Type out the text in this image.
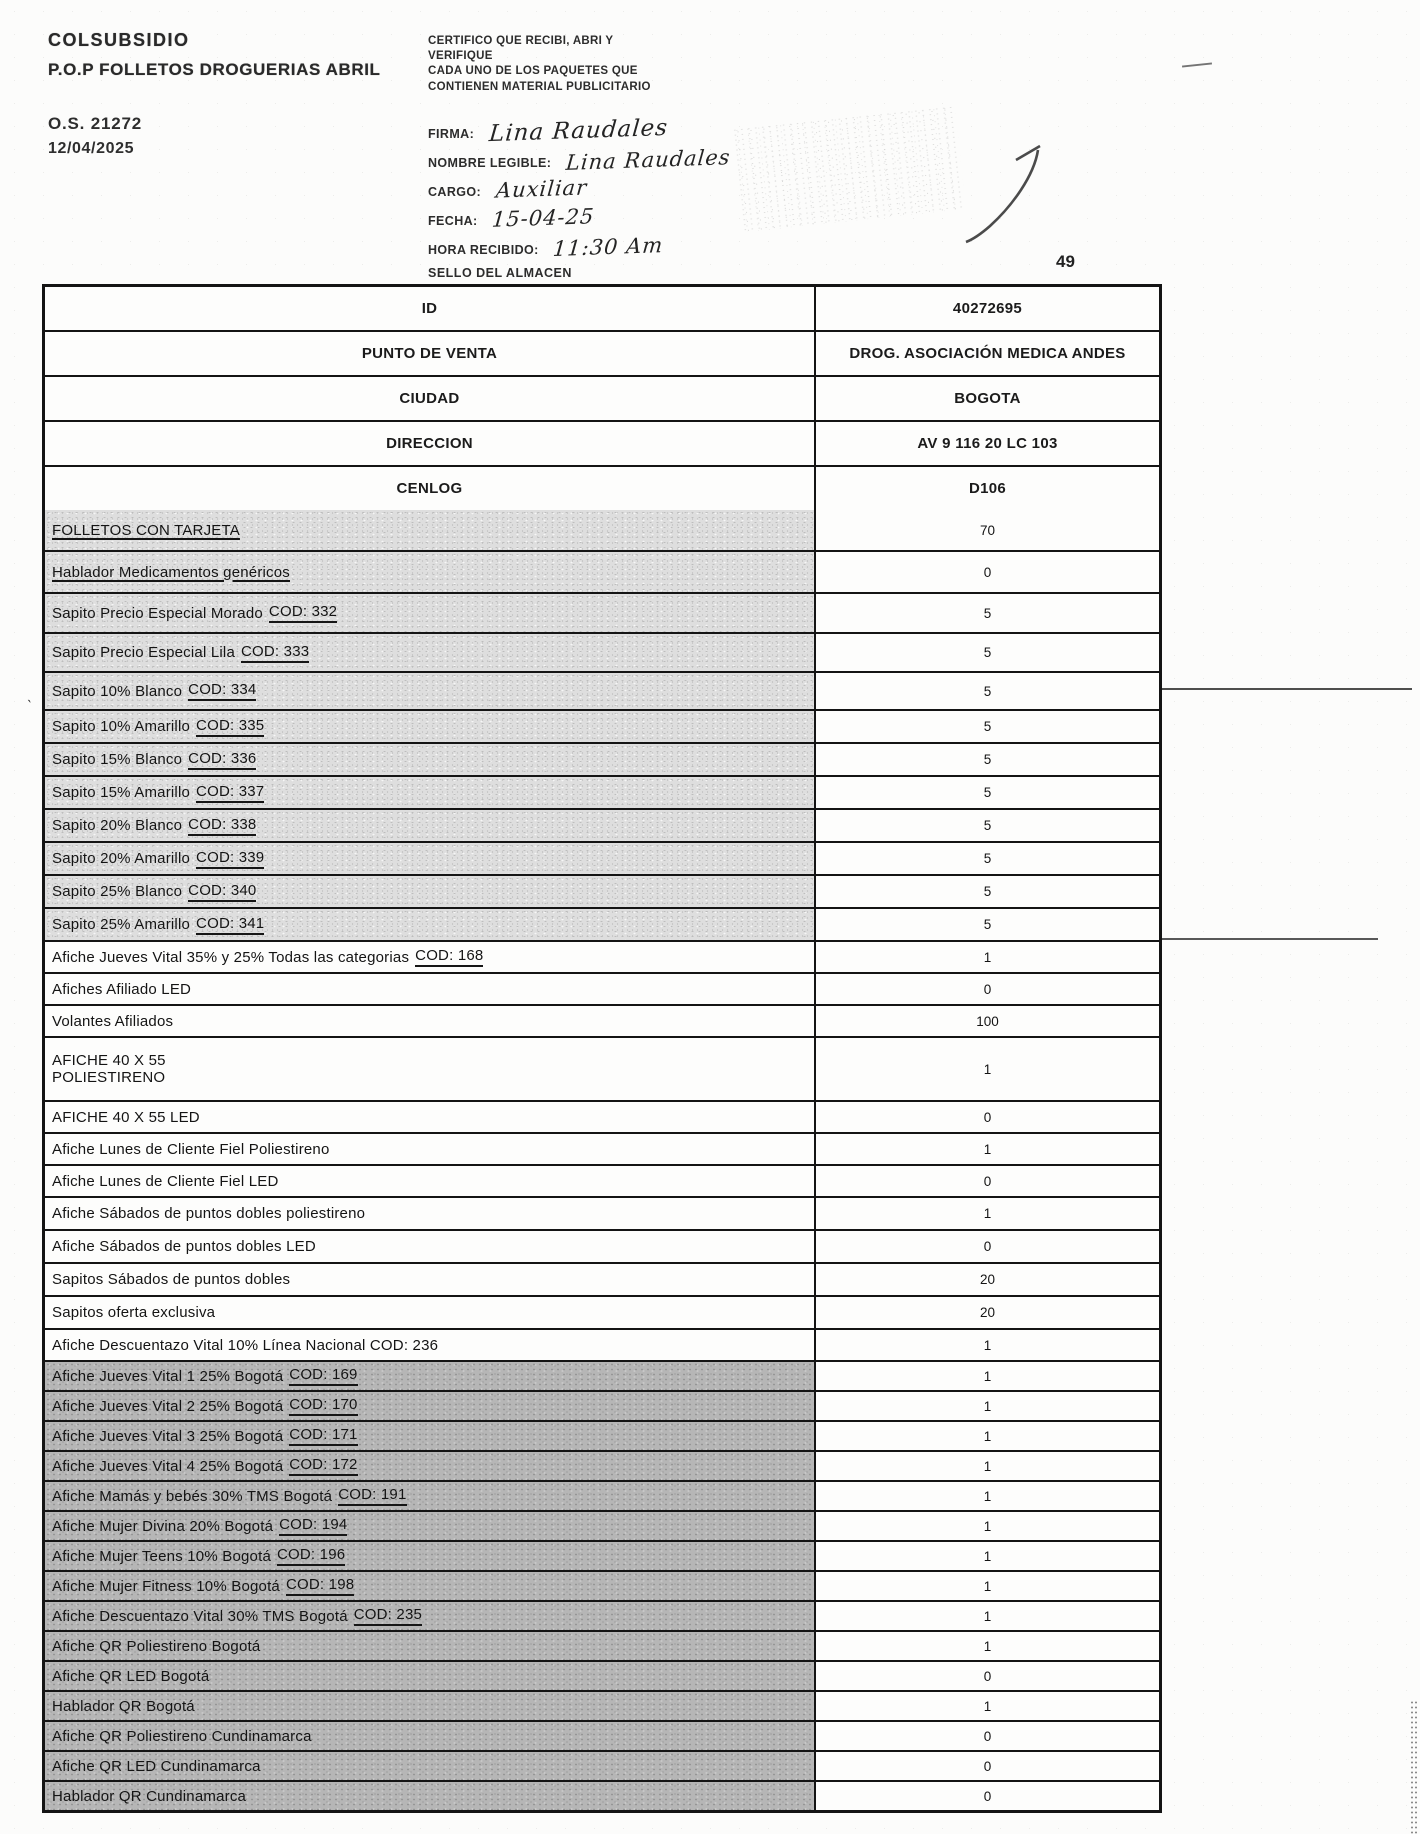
COLSUBSIDIO
P.O.P FOLLETOS DROGUERIAS ABRIL
O.S. 21272
12/04/2025
CERTIFICO QUE RECIBI, ABRI Y
VERIFIQUE
CADA UNO DE LOS PAQUETES QUE
CONTIENEN MATERIAL PUBLICITARIO
FIRMA: Lina Raudales
NOMBRE LEGIBLE: Lina Raudales
CARGO: Auxiliar
FECHA: 15-04-25
HORA RECIBIDO: 11:30 Am
SELLO DEL ALMACEN
49
`
ID	40272695
PUNTO DE VENTA	DROG. ASOCIACIÓN MEDICA ANDES
CIUDAD	BOGOTA
DIRECCION	AV 9 116 20 LC 103
CENLOG	D106
FOLLETOS CON TARJETA	70
Hablador Medicamentos genéricos	0
Sapito Precio Especial Morado COD: 332	5
Sapito Precio Especial Lila COD: 333	5
Sapito 10% Blanco COD: 334	5
Sapito 10% Amarillo COD: 335	5
Sapito 15% Blanco COD: 336	5
Sapito 15% Amarillo COD: 337	5
Sapito 20% Blanco COD: 338	5
Sapito 20% Amarillo COD: 339	5
Sapito 25% Blanco COD: 340	5
Sapito 25% Amarillo COD: 341	5
Afiche Jueves Vital 35% y 25% Todas las categorias COD: 168	1
Afiches Afiliado LED	0
Volantes Afiliados	100
AFICHE 40 X 55
POLIESTIRENO	1
AFICHE 40 X 55 LED	0
Afiche Lunes de Cliente Fiel Poliestireno	1
Afiche Lunes de Cliente Fiel LED	0
Afiche Sábados de puntos dobles poliestireno	1
Afiche Sábados de puntos dobles LED	0
Sapitos Sábados de puntos dobles	20
Sapitos oferta exclusiva	20
Afiche Descuentazo Vital 10% Línea Nacional COD: 236	1
Afiche Jueves Vital 1 25% Bogotá COD: 169	1
Afiche Jueves Vital 2 25% Bogotá COD: 170	1
Afiche Jueves Vital 3 25% Bogotá COD: 171	1
Afiche Jueves Vital 4 25% Bogotá COD: 172	1
Afiche Mamás y bebés 30% TMS Bogotá COD: 191	1
Afiche Mujer Divina 20% Bogotá COD: 194	1
Afiche Mujer Teens 10% Bogotá COD: 196	1
Afiche Mujer Fitness 10% Bogotá COD: 198	1
Afiche Descuentazo Vital 30% TMS Bogotá COD: 235	1
Afiche QR Poliestireno Bogotá	1
Afiche QR LED Bogotá	0
Hablador QR Bogotá	1
Afiche QR Poliestireno Cundinamarca	0
Afiche QR LED Cundinamarca	0
Hablador QR Cundinamarca	0
